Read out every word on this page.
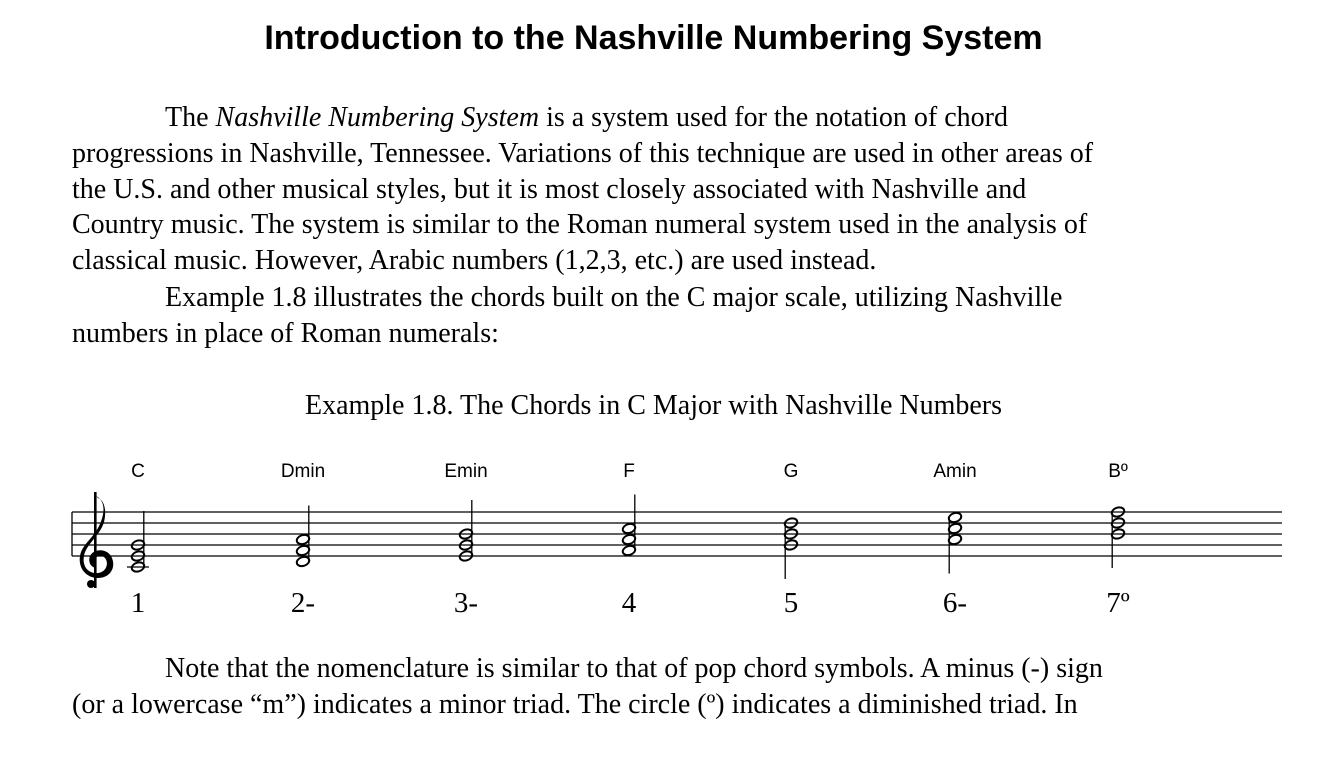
Introduction to the Nashville Numbering System
The Nashville Numbering System is a system used for the notation of chord
progressions in Nashville, Tennessee. Variations of this technique are used in other areas of
the U.S. and other musical styles, but it is most closely associated with Nashville and
Country music. The system is similar to the Roman numeral system used in the analysis of
classical music. However, Arabic numbers (1,2,3, etc.) are used instead.
Example 1.8 illustrates the chords built on the C major scale, utilizing Nashville
numbers in place of Roman numerals:

Example 1.8. The Chords in C Major with Nashville Numbers

C	Dmin	Emin	F	G	Amin	Bº
1	2-	3-	4	5	6-	7º
Note that the nomenclature is similar to that of pop chord symbols. A minus (-) sign
(or a lowercase “m”) indicates a minor triad. The circle (º) indicates a diminished triad. In
